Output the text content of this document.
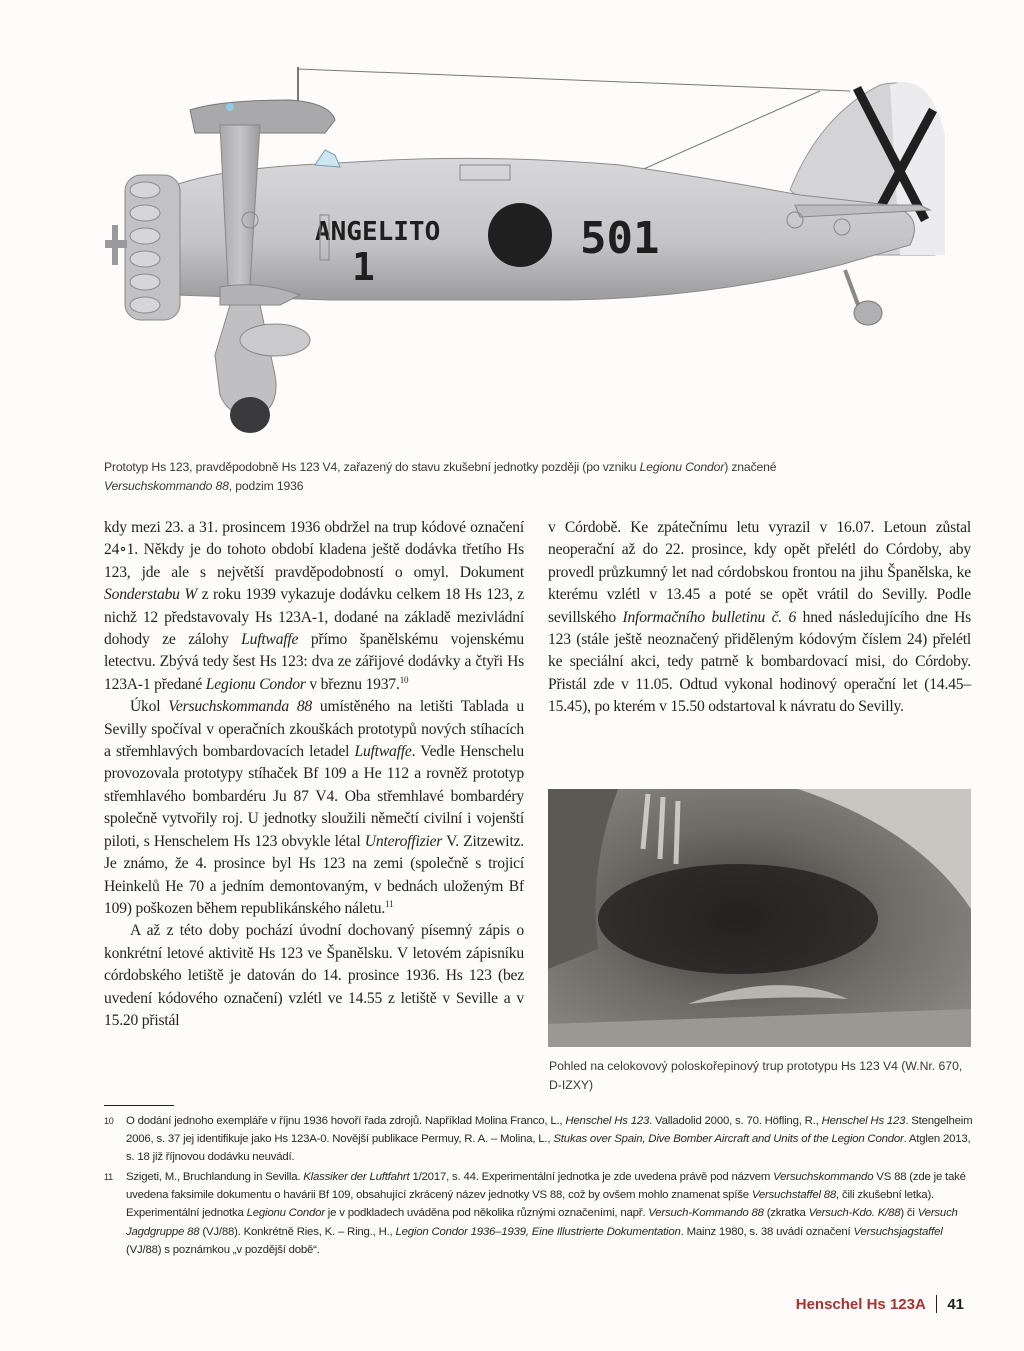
ANGELITO
1
501
Prototyp Hs 123, pravděpodobně Hs 123 V4, zařazený do stavu zkušební jednotky později (po vzniku Legionu Condor) značené
Versuchskommando 88, podzim 1936

kdy mezi 23. a 31. prosincem 1936 obdržel na trup kódové označení 24∘1. Někdy je do tohoto období kladena ještě dodávka třetího Hs 123, jde ale s největší pravděpodobností o omyl. Dokument Sonderstabu W z roku 1939 vykazuje dodávku celkem 18 Hs 123, z nichž 12 představovaly Hs 123A-1, dodané na základě mezivládní dohody ze zálohy Luftwaffe přímo španělskému vojenskému letectvu. Zbývá tedy šest Hs 123: dva ze zářijové dodávky a čtyři Hs 123A-1 předané Legionu Condor v březnu 1937.10

Úkol Versuchskommanda 88 umístěného na letišti Tablada u Sevilly spočíval v operačních zkouškách prototypů nových stíhacích a střemhlavých bombardovacích letadel Luftwaffe. Vedle Henschelu provozovala prototypy stíhaček Bf 109 a He 112 a rovněž prototyp střemhlavého bombardéru Ju 87 V4. Oba střemhlavé bombardéry společně vytvořily roj. U jednotky sloužili němečtí civilní i vojenští piloti, s Henschelem Hs 123 obvykle létal Unteroffizier V. Zitzewitz. Je známo, že 4. prosince byl Hs 123 na zemi (společně s trojicí Heinkelů He 70 a jedním demontovaným, v bednách uloženým Bf 109) poškozen během republikánského náletu.$^{11}$

A až z této doby pochází úvodní dochovaný písemný zápis o konkrétní letové aktivitě Hs 123 ve Španělsku. V letovém zápisníku córdobského letiště je datován do 14. prosince 1936. Hs 123 (bez uvedení kódového označení) vzlétl ve 14.55 z letiště v Seville a v 15.20 přistál

v Córdobě. Ke zpátečnímu letu vyrazil v 16.07. Letoun zůstal neoperační až do 22. prosince, kdy opět přelétl do Córdoby, aby provedl průzkumný let nad córdobskou frontou na jihu Španělska, ke kterému vzlétl v 13.45 a poté se opět vrátil do Sevilly. Podle sevillského Informačního bulletinu č. 6 hned následujícího dne Hs 123 (stále ještě neoznačený přiděleným kódovým číslem 24) přelétl ke speciální akci, tedy patrně k bombardovací misi, do Córdoby. Přistál zde v 11.05. Odtud vykonal hodinový operační let (14.45–15.45), po kterém v 15.50 odstartoval k návratu do Sevilly.

Pohled na celokovový poloskořepinový trup prototypu Hs 123 V4 (W.Nr. 670, D-IZXY)
10 O dodání jednoho exempláře v říjnu 1936 hovoří řada zdrojů. Například Molina Franco, L., Henschel Hs 123. Valladolid 2000, s. 70. Höfling, R., Henschel Hs 123. Stengelheim 2006, s. 37 jej identifikuje jako Hs 123A-0. Novější publikace Permuy, R. A. – Molina, L., Stukas over Spain, Dive Bomber Aircraft and Units of the Legion Condor. Atglen 2013, s. 18 již říjnovou dodávku neuvádí.
11 Szigeti, M., Bruchlandung in Sevilla. Klassiker der Luftfahrt 1/2017, s. 44. Experimentální jednotka je zde uvedena právě pod názvem Versuchskommando VS 88 (zde je také uvedena faksimile dokumentu o havárii Bf 109, obsahující zkrácený název jednotky VS 88, což by ovšem mohlo znamenat spíše Versuchstaffel 88, čili zkušební letka). Experimentální jednotka Legionu Condor je v podkladech uváděna pod několika různými označeními, např. Versuch-Kommando 88 (zkratka Versuch-Kdo. K/88) či Versuch Jagdgruppe 88 (VJ/88). Konkrétně Ries, K. – Ring., H., Legion Condor 1936–1939, Eine Illustrierte Dokumentation. Mainz 1980, s. 38 uvádí označení Versuchsjagstaffel (VJ/88) s poznámkou „v pozdější době“.
Henschel Hs 123A 41
